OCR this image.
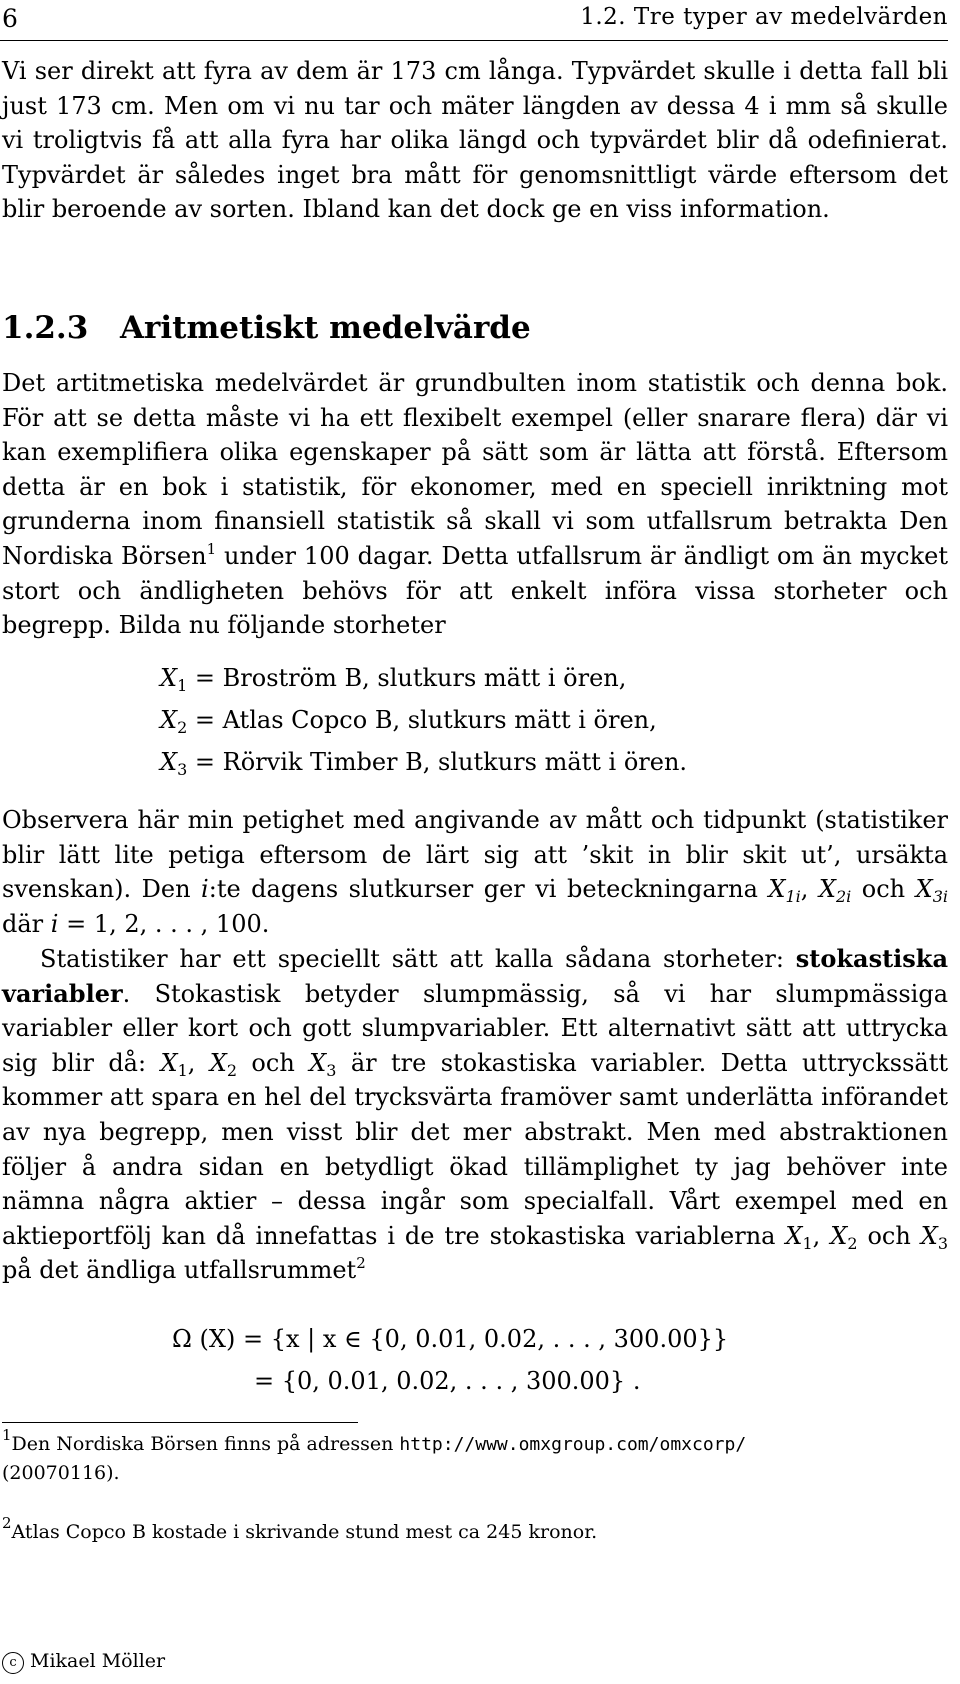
6	1.2. Tre typer av medelvärden

Vi ser direkt att fyra av dem är 173 cm långa. Typvärdet skulle i detta fall bli just 173 cm. Men om vi nu tar och mäter längden av dessa 4 i mm så skulle vi troligtvis få att alla fyra har olika längd och typvärdet blir då odefinierat. Typvärdet är således inget bra mått för genomsnittligt värde eftersom det blir beroende av sorten. Ibland kan det dock ge en viss information.

1.2.3 Aritmetiskt medelvärde

Det artitmetiska medelvärdet är grundbulten inom statistik och denna bok. För att se detta måste vi ha ett flexibelt exempel (eller snarare flera) där vi kan exemplifiera olika egenskaper på sätt som är lätta att förstå. Eftersom detta är en bok i statistik, för ekonomer, med en speciell inriktning mot grunderna inom finansiell statistik så skall vi som utfallsrum betrakta Den Nordiska Börsen$^1$ under 100 dagar. Detta utfallsrum är ändligt om än mycket stort och ändligheten behövs för att enkelt införa vissa storheter och begrepp. Bilda nu följande storheter

$X_1$ = Broström B, slutkurs mätt i ören,
$X_2$ = Atlas Copco B, slutkurs mätt i ören,
$X_3$ = Rörvik Timber B, slutkurs mätt i ören.

Observera här min petighet med angivande av mått och tidpunkt (statistiker blir lätt lite petiga eftersom de lärt sig att ’skit in blir skit ut’, ursäkta svenskan). Den i:te dagens slutkurser ger vi beteckningarna $X_{1i}$, $X_{2i}$ och $X_{3i}$ där i = 1, 2, . . . , 100.

Statistiker har ett speciellt sätt att kalla sådana storheter: stokastiska variabler. Stokastisk betyder slumpmässig, så vi har slumpmässiga variabler eller kort och gott slumpvariabler. Ett alternativt sätt att uttrycka sig blir då: $X_1$, $X_2$ och $X_3$ är tre stokastiska variabler. Detta uttryckssätt kommer att spara en hel del trycksvärta framöver samt underlätta införandet av nya begrepp, men visst blir det mer abstrakt. Men med abstraktionen följer å andra sidan en betydligt ökad tillämplighet ty jag behöver inte nämna några aktier – dessa ingår som specialfall. Vårt exempel med en aktieportfölj kan då innefattas i de tre stokastiska variablerna $X_1$, $X_2$ och $X_3$ på det ändliga utfallsrummet$^2$

Ω (X) = {x | x ∈ {0, 0.01, 0.02, . . . , 300.00}}
= {0, 0.01, 0.02, . . . , 300.00} .

$^1$Den Nordiska Börsen finns på adressen http://www.omxgroup.com/omxcorp/
(20070116).

$^2$Atlas Copco B kostade i skrivande stund mest ca 245 kronor.

c Mikael Möller
